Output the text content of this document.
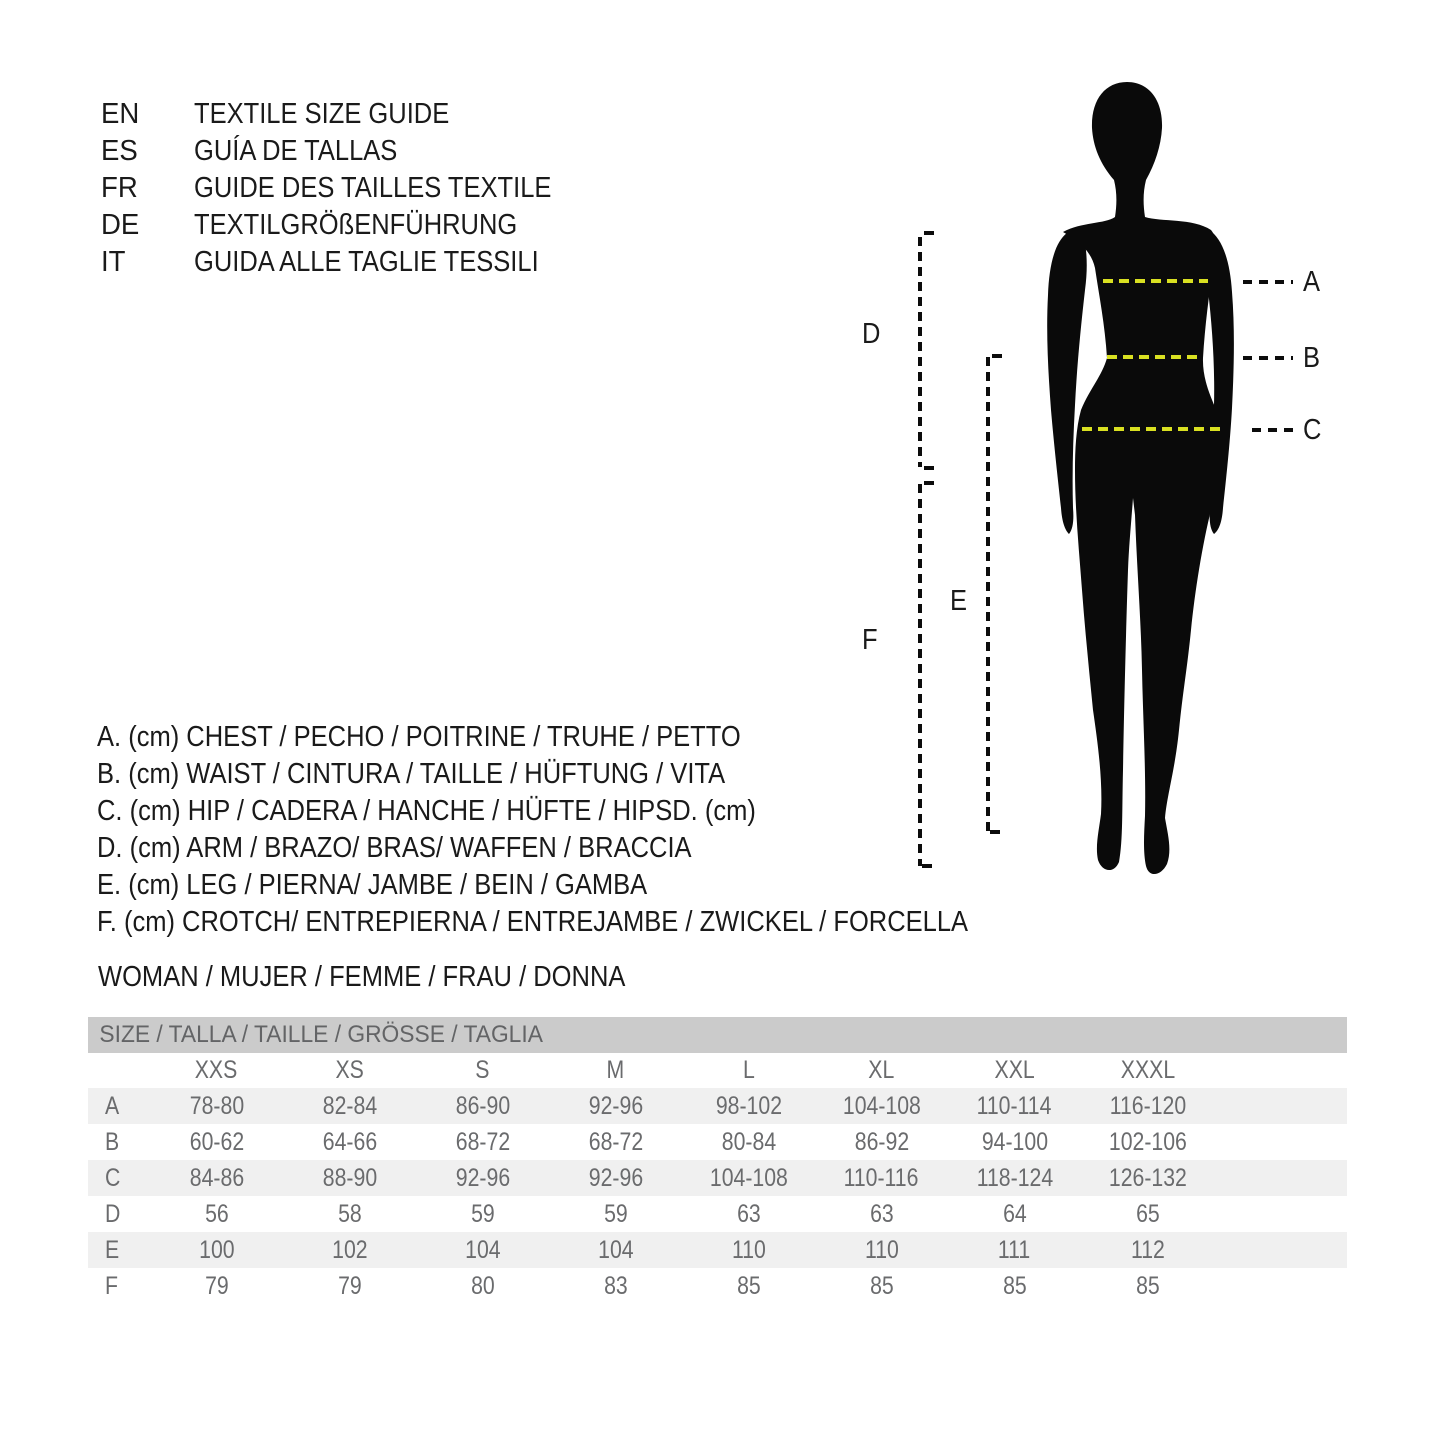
EN TEXTILE SIZE GUIDE
ES GUÍA DE TALLAS
FR GUIDE DES TAILLES TEXTILE
DE TEXTILGRÖßENFÜHRUNG
IT GUIDA ALLE TAGLIE TESSILI
A
B
C
D
E
F
A. (cm) CHEST / PECHO / POITRINE / TRUHE / PETTO
B. (cm) WAIST / CINTURA / TAILLE / HÜFTUNG / VITA
C. (cm) HIP / CADERA / HANCHE / HÜFTE / HIPSD. (cm)
D. (cm) ARM / BRAZO/ BRAS/ WAFFEN / BRACCIA
E. (cm) LEG / PIERNA/ JAMBE / BEIN / GAMBA
F. (cm) CROTCH/ ENTREPIERNA / ENTREJAMBE / ZWICKEL / FORCELLA
WOMAN / MUJER / FEMME / FRAU / DONNA
SIZE / TALLA / TAILLE / GRÖSSE / TAGLIA
XXS	XS	S	M	L	XL	XXL	XXXL
A	78-80	82-84	86-90	92-96	98-102 104-108 110-114 116-120
B	60-62	64-66	68-72	68-72	80-84	86-92	94-100 102-106
C	84-86	88-90	92-96	92-96	104-108 110-116 118-124 126-132
D	56	58	59	59	63	63	64	65
E	100	102	104	104	110	110	111	112
F	79	79	80	83	85	85	85	85
